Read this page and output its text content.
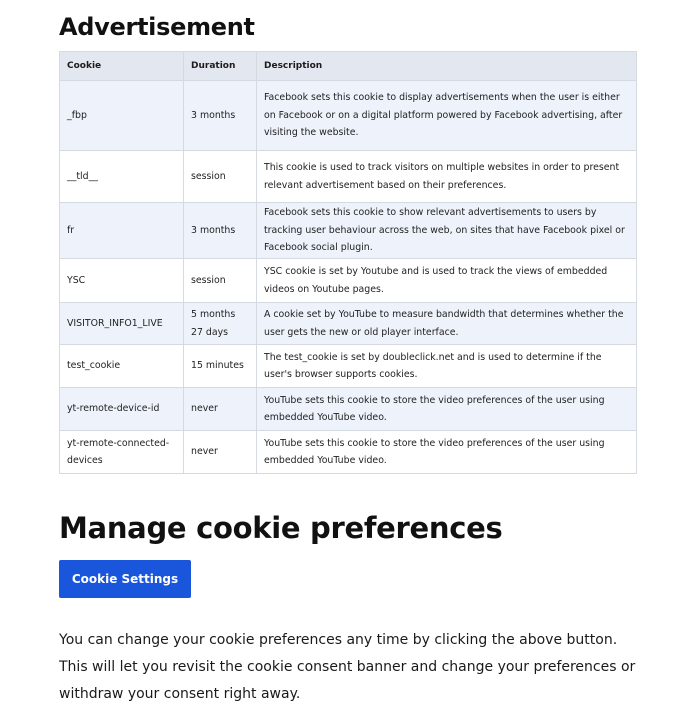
Advertisement
Cookie	Duration	Description
_fbp	3 months	Facebook sets this cookie to display advertisements when the user is either on Facebook or on a digital platform powered by Facebook advertising, after visiting the website.
__tld__	session	This cookie is used to track visitors on multiple websites in order to present relevant advertisement based on their preferences.
fr	3 months	Facebook sets this cookie to show relevant advertisements to users by tracking user behaviour across the web, on sites that have Facebook pixel or Facebook social plugin.
YSC	session	YSC cookie is set by Youtube and is used to track the views of embedded videos on Youtube pages.
VISITOR_INFO1_LIVE	5 months 27 days	A cookie set by YouTube to measure bandwidth that determines whether the user gets the new or old player interface.
test_cookie	15 minutes	The test_cookie is set by doubleclick.net and is used to determine if the user's browser supports cookies.
yt-remote-device-id	never	YouTube sets this cookie to store the video preferences of the user using embedded YouTube video.
yt-remote-connected-devices	never	YouTube sets this cookie to store the video preferences of the user using embedded YouTube video.
Manage cookie preferences
Cookie Settings

You can change your cookie preferences any time by clicking the above button. This will let you revisit the cookie consent banner and change your preferences or withdraw your consent right away.
